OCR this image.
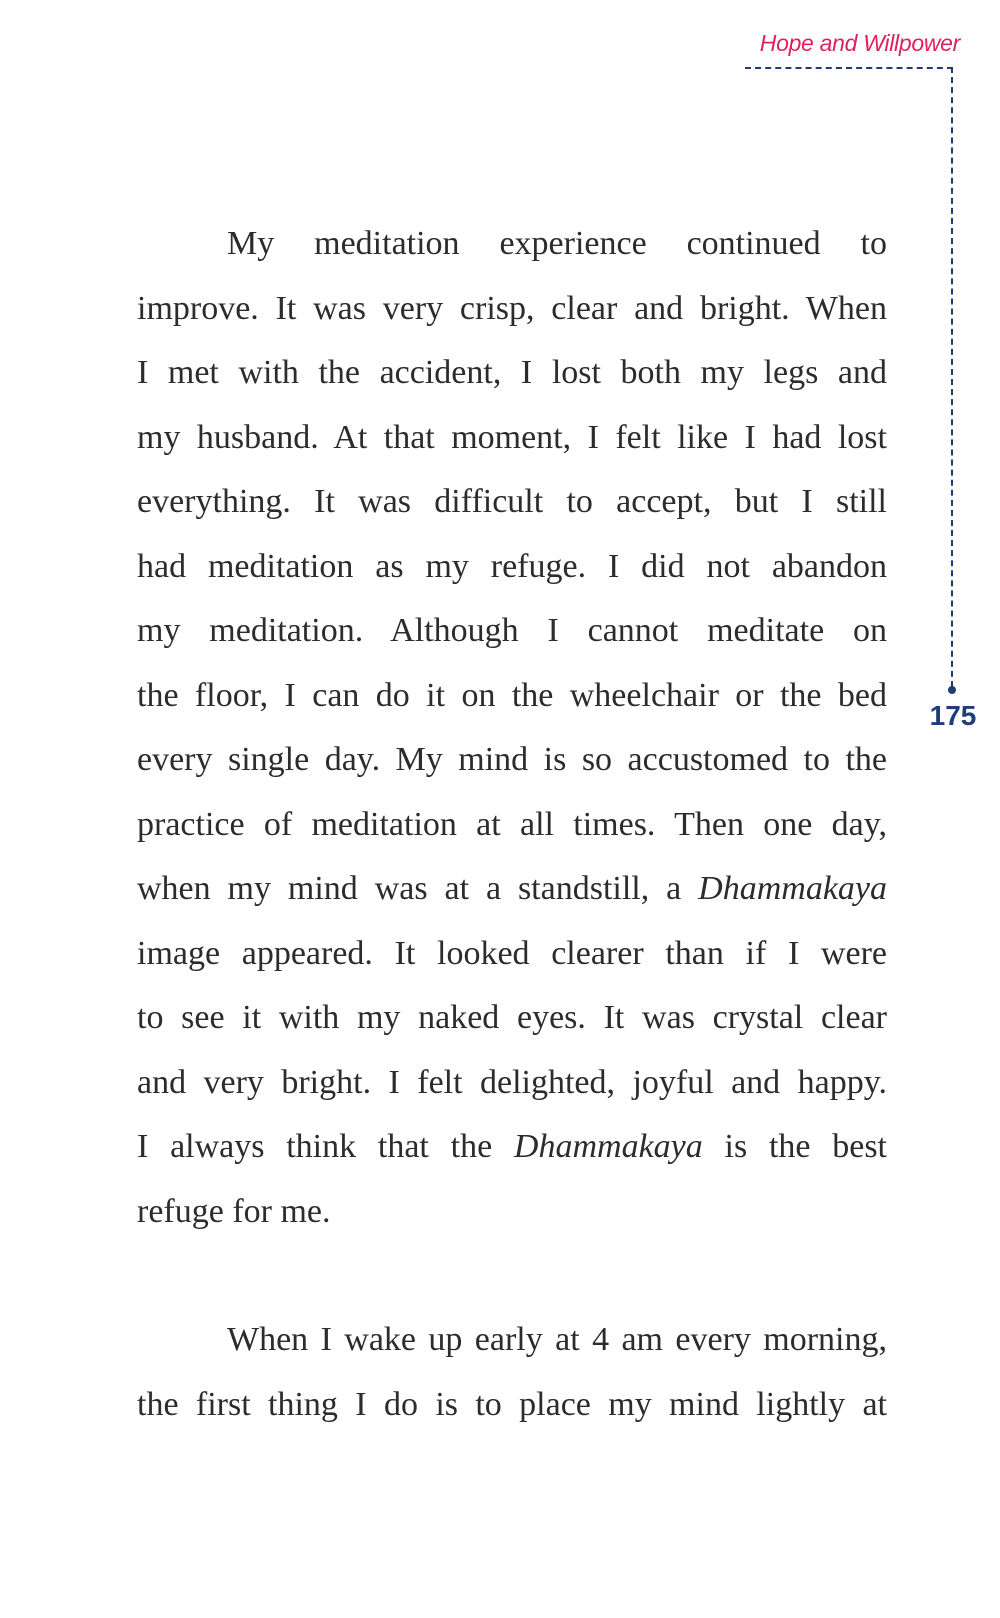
Hope and Willpower
175
My meditation experience continued to
improve. It was very crisp, clear and bright. When
I met with the accident, I lost both my legs and
my husband. At that moment, I felt like I had lost
everything. It was difficult to accept, but I still
had meditation as my refuge. I did not abandon
my meditation. Although I cannot meditate on
the floor, I can do it on the wheelchair or the bed
every single day. My mind is so accustomed to the
practice of meditation at all times. Then one day,
when my mind was at a standstill, a Dhammakaya
image appeared. It looked clearer than if I were
to see it with my naked eyes. It was crystal clear
and very bright. I felt delighted, joyful and happy.
I always think that the Dhammakaya is the best
refuge for me.
When I wake up early at 4 am every morning,
the first thing I do is to place my mind lightly at
